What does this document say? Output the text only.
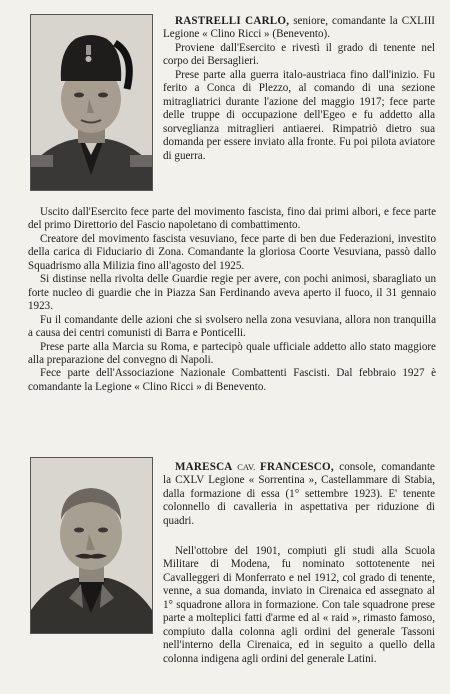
RASTRELLI CARLO, seniore, comandante la CXLIII Legione « Clino Ricci » (Benevento).

Proviene dall'Esercito e rivestì il grado di tenente nel corpo dei Bersaglieri.

Prese parte alla guerra italo-austriaca fino dall'inizio. Fu ferito a Conca di Plezzo, al comando di una sezione mitragliatrici durante l'azione del maggio 1917; fece parte delle truppe di occupazione dell'Egeo e fu addetto alla sorveglianza mitraglieri antiaerei. Rimpatriò dietro sua domanda per essere inviato alla fronte. Fu poi pilota aviatore di guerra.

Uscito dall'Esercito fece parte del movimento fascista, fino dai primi albori, e fece parte del primo Direttorio del Fascio napoletano di combattimento.

Creatore del movimento fascista vesuviano, fece parte di ben due Federazioni, investito della carica di Fiduciario di Zona. Comandante la gloriosa Coorte Vesuviana, passò dallo Squadrismo alla Milizia fino all'agosto del 1925.

Si distinse nella rivolta delle Guardie regie per avere, con pochi animosi, sbaragliato un forte nucleo di guardie che in Piazza San Ferdinando aveva aperto il fuoco, il 31 gennaio 1923.

Fu il comandante delle azioni che si svolsero nella zona vesuviana, allora non tranquilla a causa dei centri comunisti di Barra e Ponticelli.

Prese parte alla Marcia su Roma, e partecipò quale ufficiale addetto allo stato maggiore alla preparazione del convegno di Napoli.

Fece parte dell'Associazione Nazionale Combattenti Fascisti. Dal febbraio 1927 è comandante la Legione « Clino Ricci » di Benevento.

MARESCA CAV. FRANCESCO, console, comandante la CXLV Legione « Sorrentina », Castellammare di Stabia, dalla formazione di essa (1° settembre 1923). E' tenente colonnello di cavalleria in aspettativa per riduzione di quadri.

Nell'ottobre del 1901, compiuti gli studi alla Scuola Militare di Modena, fu nominato sottotenente nei Cavalleggeri di Monferrato e nel 1912, col grado di tenente, venne, a sua domanda, inviato in Cirenaica ed assegnato al 1° squadrone allora in formazione. Con tale squadrone prese parte a molteplici fatti d'arme ed al « raid », rimasto famoso, compiuto dalla colonna agli ordini del generale Tassoni nell'interno della Cirenaica, ed in seguito a quello della colonna indigena agli ordini del generale Latini.
